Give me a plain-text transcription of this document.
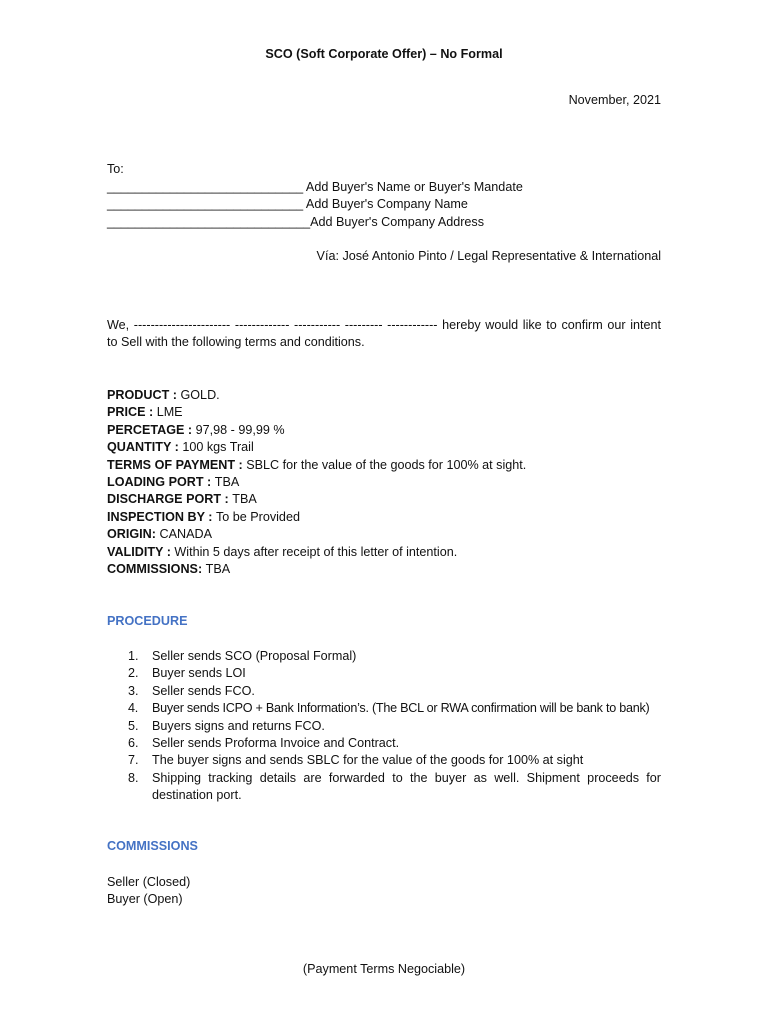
SCO (Soft Corporate Offer) – No Formal
November, 2021
To:
____________________________ Add Buyer's Name or Buyer's Mandate
____________________________ Add Buyer's Company Name
_____________________________Add Buyer's Company Address
Vía: José Antonio Pinto / Legal Representative & International
We, ----------------------- ------------- ----------- --------- ------------ hereby would like to confirm our intent to Sell with the following terms and conditions.
PRODUCT : GOLD.
PRICE : LME
PERCETAGE : 97,98 - 99,99 %
QUANTITY : 100 kgs Trail
TERMS OF PAYMENT : SBLC for the value of the goods for 100% at sight.
LOADING PORT : TBA
DISCHARGE PORT : TBA
INSPECTION BY : To be Provided
ORIGIN: CANADA
VALIDITY : Within 5 days after receipt of this letter of intention.
COMMISSIONS: TBA
PROCEDURE
1. Seller sends SCO (Proposal Formal)
2. Buyer sends LOI
3. Seller sends FCO.
4. Buyer sends ICPO + Bank Information’s. (The BCL or RWA confirmation will be bank to bank)
5. Buyers signs and returns FCO.
6. Seller sends Proforma Invoice and Contract.
7. The buyer signs and sends SBLC for the value of the goods for 100% at sight
8. Shipping tracking details are forwarded to the buyer as well. Shipment proceeds for destination port.
COMMISSIONS
Seller (Closed)
Buyer (Open)
(Payment Terms Negociable)
